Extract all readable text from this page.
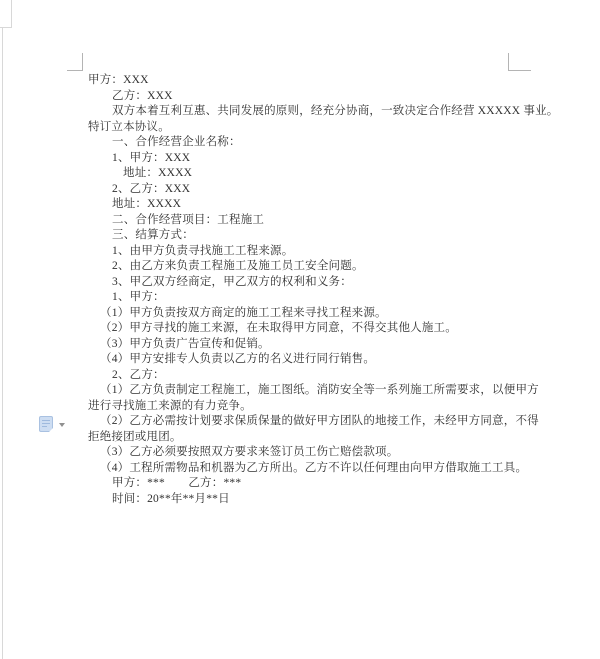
甲方：XXX
乙方：XXX
双方本着互利互惠、共同发展的原则，经充分协商，一致决定合作经营 XXXXX 事业。
特订立本协议。
一、合作经营企业名称：
1、甲方：XXX
地址：XXXX
2、乙方：XXX
地址：XXXX
二、合作经营项目：工程施工
三、结算方式：
1、由甲方负责寻找施工工程来源。
2、由乙方来负责工程施工及施工员工安全问题。
3、甲乙双方经商定，甲乙双方的权利和义务：
1、甲方：
（1）甲方负责按双方商定的施工工程来寻找工程来源。
（2）甲方寻找的施工来源，在未取得甲方同意，不得交其他人施工。
（3）甲方负责广告宣传和促销。
（4）甲方安排专人负责以乙方的名义进行同行销售。
2、乙方：
（1）乙方负责制定工程施工，施工图纸。消防安全等一系列施工所需要求，以便甲方
进行寻找施工来源的有力竞争。
（2）乙方必需按计划要求保质保量的做好甲方团队的地接工作，未经甲方同意，不得
拒绝接团或甩团。
（3）乙方必须要按照双方要求来签订员工伤亡赔偿款项。
（4）工程所需物品和机器为乙方所出。乙方不许以任何理由向甲方借取施工工具。
甲方：***　　乙方：***
时间：20**年**月**日
